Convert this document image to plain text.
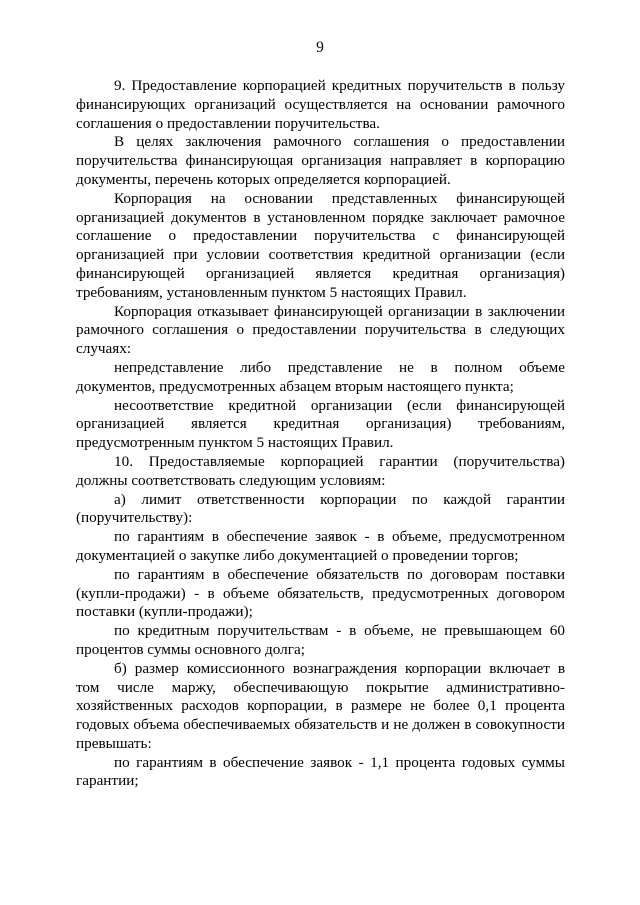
9

9. Предоставление корпорацией кредитных поручительств в пользу финансирующих организаций осуществляется на основании рамочного соглашения о предоставлении поручительства.

В целях заключения рамочного соглашения о предоставлении поручительства финансирующая организация направляет в корпорацию документы, перечень которых определяется корпорацией.

Корпорация на основании представленных финансирующей организацией документов в установленном порядке заключает рамочное соглашение о предоставлении поручительства с финансирующей организацией при условии соответствия кредитной организации (если финансирующей организацией является кредитная организация) требованиям, установленным пунктом 5 настоящих Правил.

Корпорация отказывает финансирующей организации в заключении рамочного соглашения о предоставлении поручительства в следующих случаях:

непредставление либо представление не в полном объеме документов, предусмотренных абзацем вторым настоящего пункта;

несоответствие кредитной организации (если финансирующей организацией является кредитная организация) требованиям, предусмотренным пунктом 5 настоящих Правил.

10. Предоставляемые корпорацией гарантии (поручительства) должны соответствовать следующим условиям:

а) лимит ответственности корпорации по каждой гарантии (поручительству):

по гарантиям в обеспечение заявок - в объеме, предусмотренном документацией о закупке либо документацией о проведении торгов;

по гарантиям в обеспечение обязательств по договорам поставки (купли-продажи) - в объеме обязательств, предусмотренных договором поставки (купли-продажи);

по кредитным поручительствам - в объеме, не превышающем 60 процентов суммы основного долга;

б) размер комиссионного вознаграждения корпорации включает в том числе маржу, обеспечивающую покрытие административно-хозяйственных расходов корпорации, в размере не более 0,1 процента годовых объема обеспечиваемых обязательств и не должен в совокупности превышать:

по гарантиям в обеспечение заявок - 1,1 процента годовых суммы гарантии;
